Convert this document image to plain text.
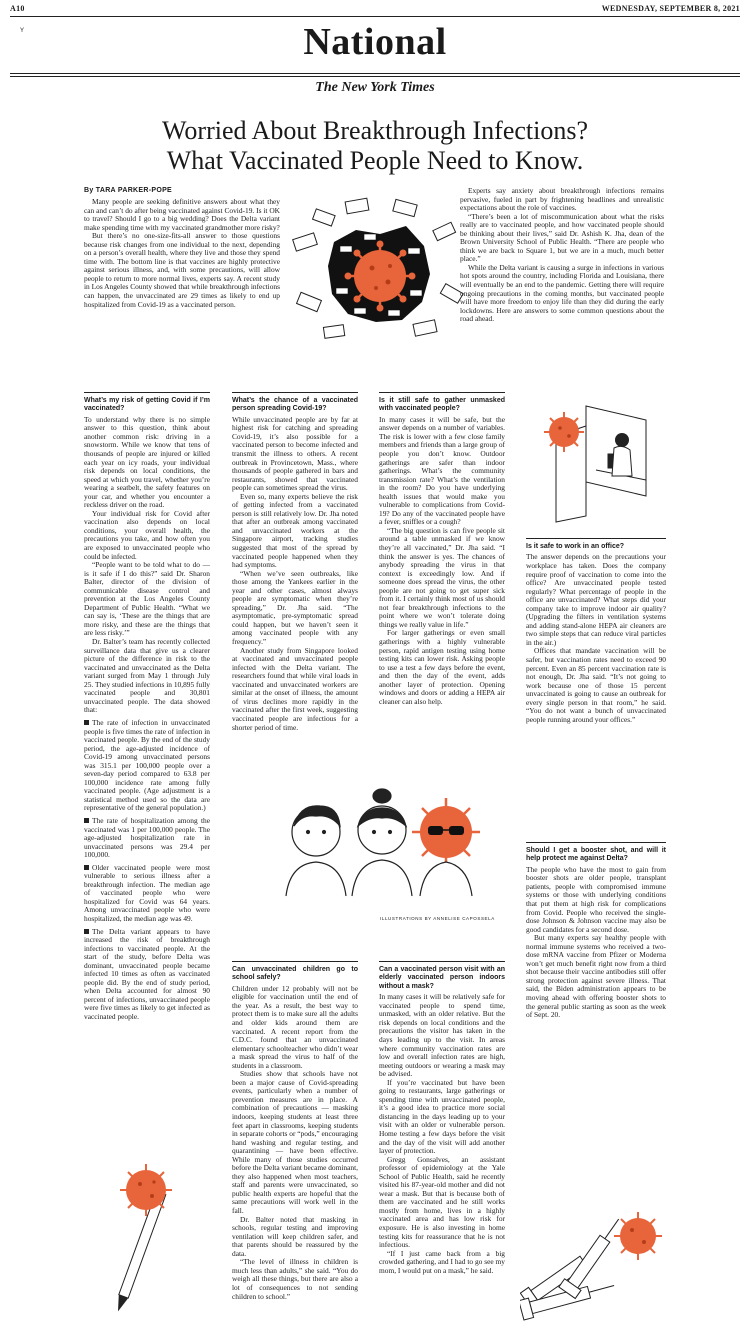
A10	WEDNESDAY, SEPTEMBER 8, 2021
Y	National
The New York Times
Worried About Breakthrough Infections?
What Vaccinated People Need to Know.
By TARA PARKER-POPE

Many people are seeking definitive answers about what they can and can’t do after being vaccinated against Covid-19. Is it OK to travel? Should I go to a big wedding? Does the Delta variant make spending time with my vaccinated grandmother more risky?

But there’s no one-size-fits-all answer to those questions because risk changes from one individual to the next, depending on a person’s overall health, where they live and those they spend time with. The bottom line is that vaccines are highly protective against serious illness, and, with some precautions, will allow people to return to more normal lives, experts say. A recent study in Los Angeles County showed that while breakthrough infections can happen, the unvaccinated are 29 times as likely to end up hospitalized from Covid-19 as a vaccinated person.

Experts say anxiety about breakthrough infections remains pervasive, fueled in part by frightening headlines and unrealistic expectations about the role of vaccines.

“There’s been a lot of miscommunication about what the risks really are to vaccinated people, and how vaccinated people should be thinking about their lives,” said Dr. Ashish K. Jha, dean of the Brown University School of Public Health. “There are people who think we are back to Square 1, but we are in a much, much better place.”

While the Delta variant is causing a surge in infections in various hot spots around the country, including Florida and Louisiana, there will eventually be an end to the pandemic. Getting there will require ongoing precautions in the coming months, but vaccinated people will have more freedom to enjoy life than they did during the early lockdowns. Here are answers to some common questions about the road ahead.

What’s my risk of getting Covid if I’m vaccinated?

To understand why there is no simple answer to this question, think about another common risk: driving in a snowstorm. While we know that tens of thousands of people are injured or killed each year on icy roads, your individual risk depends on local conditions, the speed at which you travel, whether you’re wearing a seatbelt, the safety features on your car, and whether you encounter a reckless driver on the road.

Your individual risk for Covid after vaccination also depends on local conditions, your overall health, the precautions you take, and how often you are exposed to unvaccinated people who could be infected.

“People want to be told what to do — is it safe if I do this?” said Dr. Sharon Balter, director of the division of communicable disease control and prevention at the Los Angeles County Department of Public Health. “What we can say is, ‘These are the things that are more risky, and these are the things that are less risky.’”

Dr. Balter’s team has recently collected surveillance data that give us a clearer picture of the difference in risk to the vaccinated and unvaccinated as the Delta variant surged from May 1 through July 25. They studied infections in 10,895 fully vaccinated people and 30,801 unvaccinated people. The data showed that:

The rate of infection in unvaccinated people is five times the rate of infection in vaccinated people. By the end of the study period, the age-adjusted incidence of Covid-19 among unvaccinated persons was 315.1 per 100,000 people over a seven-day period compared to 63.8 per 100,000 incidence rate among fully vaccinated people. (Age adjustment is a statistical method used so the data are representative of the general population.)

The rate of hospitalization among the vaccinated was 1 per 100,000 people. The age-adjusted hospitalization rate in unvaccinated persons was 29.4 per 100,000.

Older vaccinated people were most vulnerable to serious illness after a breakthrough infection. The median age of vaccinated people who were hospitalized for Covid was 64 years. Among unvaccinated people who were hospitalized, the median age was 49.

The Delta variant appears to have increased the risk of breakthrough infections to vaccinated people. At the start of the study, before Delta was dominant, unvaccinated people became infected 10 times as often as vaccinated people did. By the end of study period, when Delta accounted for almost 90 percent of infections, unvaccinated people were five times as likely to get infected as vaccinated people.

What’s the chance of a vaccinated person spreading Covid-19?

While unvaccinated people are by far at highest risk for catching and spreading Covid-19, it’s also possible for a vaccinated person to become infected and transmit the illness to others. A recent outbreak in Provincetown, Mass., where thousands of people gathered in bars and restaurants, showed that vaccinated people can sometimes spread the virus.

Even so, many experts believe the risk of getting infected from a vaccinated person is still relatively low. Dr. Jha noted that after an outbreak among vaccinated and unvaccinated workers at the Singapore airport, tracking studies suggested that most of the spread by vaccinated people happened when they had symptoms.

“When we’ve seen outbreaks, like those among the Yankees earlier in the year and other cases, almost always people are symptomatic when they’re spreading,” Dr. Jha said. “The asymptomatic, pre-symptomatic spread could happen, but we haven’t seen it among vaccinated people with any frequency.”

Another study from Singapore looked at vaccinated and unvaccinated people infected with the Delta variant. The researchers found that while viral loads in vaccinated and unvaccinated workers are similar at the onset of illness, the amount of virus declines more rapidly in the vaccinated after the first week, suggesting vaccinated people are infectious for a shorter period of time.

Is it still safe to gather unmasked with vaccinated people?

In many cases it will be safe, but the answer depends on a number of variables. The risk is lower with a few close family members and friends than a large group of people you don’t know. Outdoor gatherings are safer than indoor gatherings. What’s the community transmission rate? What’s the ventilation in the room? Do you have underlying health issues that would make you vulnerable to complications from Covid-19? Do any of the vaccinated people have a fever, sniffles or a cough?

“The big question is can five people sit around a table unmasked if we know they’re all vaccinated,” Dr. Jha said. “I think the answer is yes. The chances of anybody spreading the virus in that context is exceedingly low. And if someone does spread the virus, the other people are not going to get super sick from it. I certainly think most of us should not fear breakthrough infections to the point where we won’t tolerate doing things we really value in life.”

For larger gatherings or even small gatherings with a highly vulnerable person, rapid antigen testing using home testing kits can lower risk. Asking people to use a test a few days before the event, and then the day of the event, adds another layer of protection. Opening windows and doors or adding a HEPA air cleaner can also help.

Is it safe to work in an office?

The answer depends on the precautions your workplace has taken. Does the company require proof of vaccination to come into the office? Are unvaccinated people tested regularly? What percentage of people in the office are unvaccinated? What steps did your company take to improve indoor air quality? (Upgrading the filters in ventilation systems and adding stand-alone HEPA air cleaners are two simple steps that can reduce viral particles in the air.)

Offices that mandate vaccination will be safer, but vaccination rates need to exceed 90 percent. Even an 85 percent vaccination rate is not enough, Dr. Jha said. “It’s not going to work because one of those 15 percent unvaccinated is going to cause an outbreak for every single person in that room,” he said. “You do not want a bunch of unvaccinated people running around your offices.”

ILLUSTRATIONS BY ANNELISE CAPOSSELA
Should I get a booster shot, and will it help protect me against Delta?

The people who have the most to gain from booster shots are older people, transplant patients, people with compromised immune systems or those with underlying conditions that put them at high risk for complications from Covid. People who received the single-dose Johnson & Johnson vaccine may also be good candidates for a second dose.

But many experts say healthy people with normal immune systems who received a two-dose mRNA vaccine from Pfizer or Moderna won’t get much benefit right now from a third shot because their vaccine antibodies still offer strong protection against severe illness. That said, the Biden administration appears to be moving ahead with offering booster shots to the general public starting as soon as the week of Sept. 20.

Can unvaccinated children go to school safely?

Children under 12 probably will not be eligible for vaccination until the end of the year. As a result, the best way to protect them is to make sure all the adults and older kids around them are vaccinated. A recent report from the C.D.C. found that an unvaccinated elementary schoolteacher who didn’t wear a mask spread the virus to half of the students in a classroom.

Studies show that schools have not been a major cause of Covid-spreading events, particularly when a number of prevention measures are in place. A combination of precautions — masking indoors, keeping students at least three feet apart in classrooms, keeping students in separate cohorts or “pods,” encouraging hand washing and regular testing, and quarantining — have been effective. While many of those studies occurred before the Delta variant became dominant, they also happened when most teachers, staff and parents were unvaccinated, so public health experts are hopeful that the same precautions will work well in the fall.

Dr. Balter noted that masking in schools, regular testing and improving ventilation will keep children safer, and that parents should be reassured by the data.

“The level of illness in children is much less than adults,” she said. “You do weigh all these things, but there are also a lot of consequences to not sending children to school.”

Can a vaccinated person visit with an elderly vaccinated person indoors without a mask?

In many cases it will be relatively safe for vaccinated people to spend time, unmasked, with an older relative. But the risk depends on local conditions and the precautions the visitor has taken in the days leading up to the visit. In areas where community vaccination rates are low and overall infection rates are high, meeting outdoors or wearing a mask may be advised.

If you’re vaccinated but have been going to restaurants, large gatherings or spending time with unvaccinated people, it’s a good idea to practice more social distancing in the days leading up to your visit with an older or vulnerable person. Home testing a few days before the visit and the day of the visit will add another layer of protection.

Gregg Gonsalves, an assistant professor of epidemiology at the Yale School of Public Health, said he recently visited his 87-year-old mother and did not wear a mask. But that is because both of them are vaccinated and he still works mostly from home, lives in a highly vaccinated area and has low risk for exposure. He is also investing in home testing kits for reassurance that he is not infectious.

“If I just came back from a big crowded gathering, and I had to go see my mom, I would put on a mask,” he said.
